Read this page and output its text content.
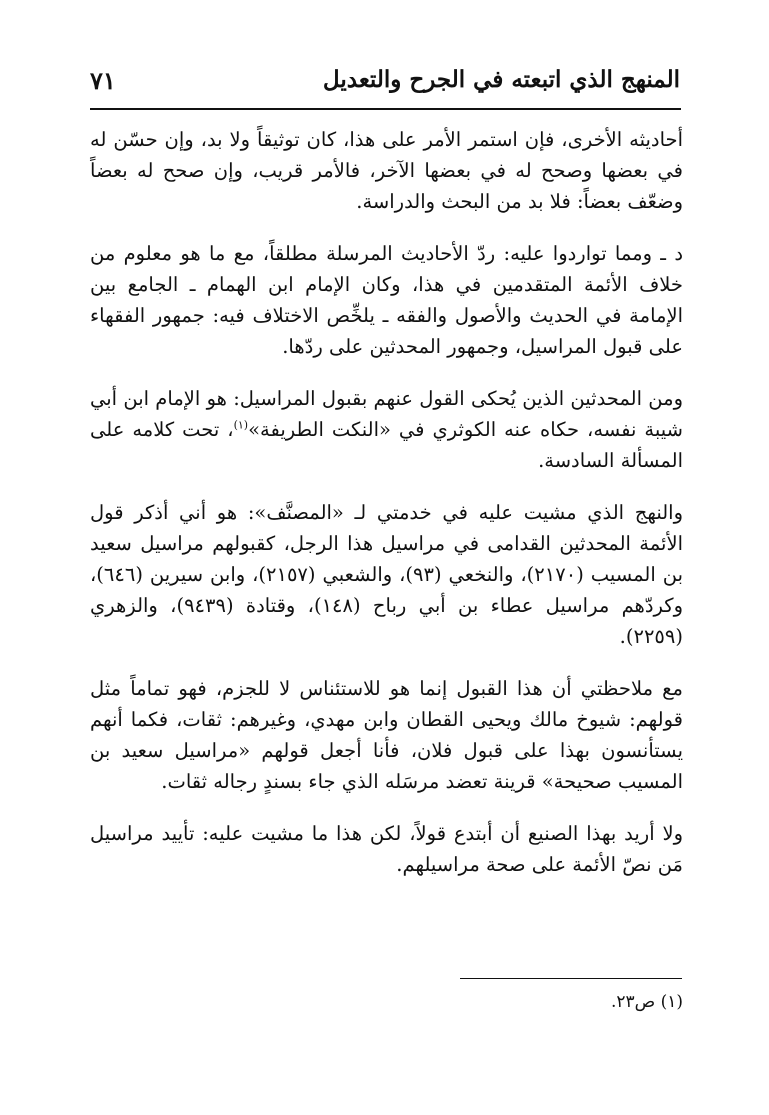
المنهج الذي اتبعته في الجرح والتعديل
٧١

أحاديثه الأخرى، فإن استمر الأمر على هذا، كان توثيقاً ولا بد، وإن حسّن له في بعضها وصحح له في بعضها الآخر، فالأمر قريب، وإن صحح له بعضاً وضعّف بعضاً: فلا بد من البحث والدراسة.

د ـ ومما تواردوا عليه: ردّ الأحاديث المرسلة مطلقاً، مع ما هو معلوم من خلاف الأئمة المتقدمين في هذا، وكان الإمام ابن الهمام ـ الجامع بين الإمامة في الحديث والأصول والفقه ـ يلخِّص الاختلاف فيه: جمهور الفقهاء على قبول المراسيل، وجمهور المحدثين على ردّها.

ومن المحدثين الذين يُحكى القول عنهم بقبول المراسيل: هو الإمام ابن أبي شيبة نفسه، حكاه عنه الكوثري في «النكت الطريفة»$^{(١)}$، تحت كلامه على المسألة السادسة.

والنهج الذي مشيت عليه في خدمتي لـ «المصنَّف»: هو أني أذكر قول الأئمة المحدثين القدامى في مراسيل هذا الرجل، كقبولهم مراسيل سعيد بن المسيب (٢١٧٠)، والنخعي (٩٣)، والشعبي (٢١٥٧)، وابن سيرين (٦٤٦)، وكردّهم مراسيل عطاء بن أبي رباح (١٤٨)، وقتادة (٩٤٣٩)، والزهري (٢٢٥٩).

مع ملاحظتي أن هذا القبول إنما هو للاستئناس لا للجزم، فهو تماماً مثل قولهم: شيوخ مالك ويحيى القطان وابن مهدي، وغيرهم: ثقات، فكما أنهم يستأنسون بهذا على قبول فلان، فأنا أجعل قولهم «مراسيل سعيد بن المسيب صحيحة» قرينة تعضد مرسَله الذي جاء بسندٍ رجاله ثقات.

ولا أريد بهذا الصنيع أن أبتدع قولاً، لكن هذا ما مشيت عليه: تأييد مراسيل مَن نصّ الأئمة على صحة مراسيلهم.

(١) ص٢٣.
